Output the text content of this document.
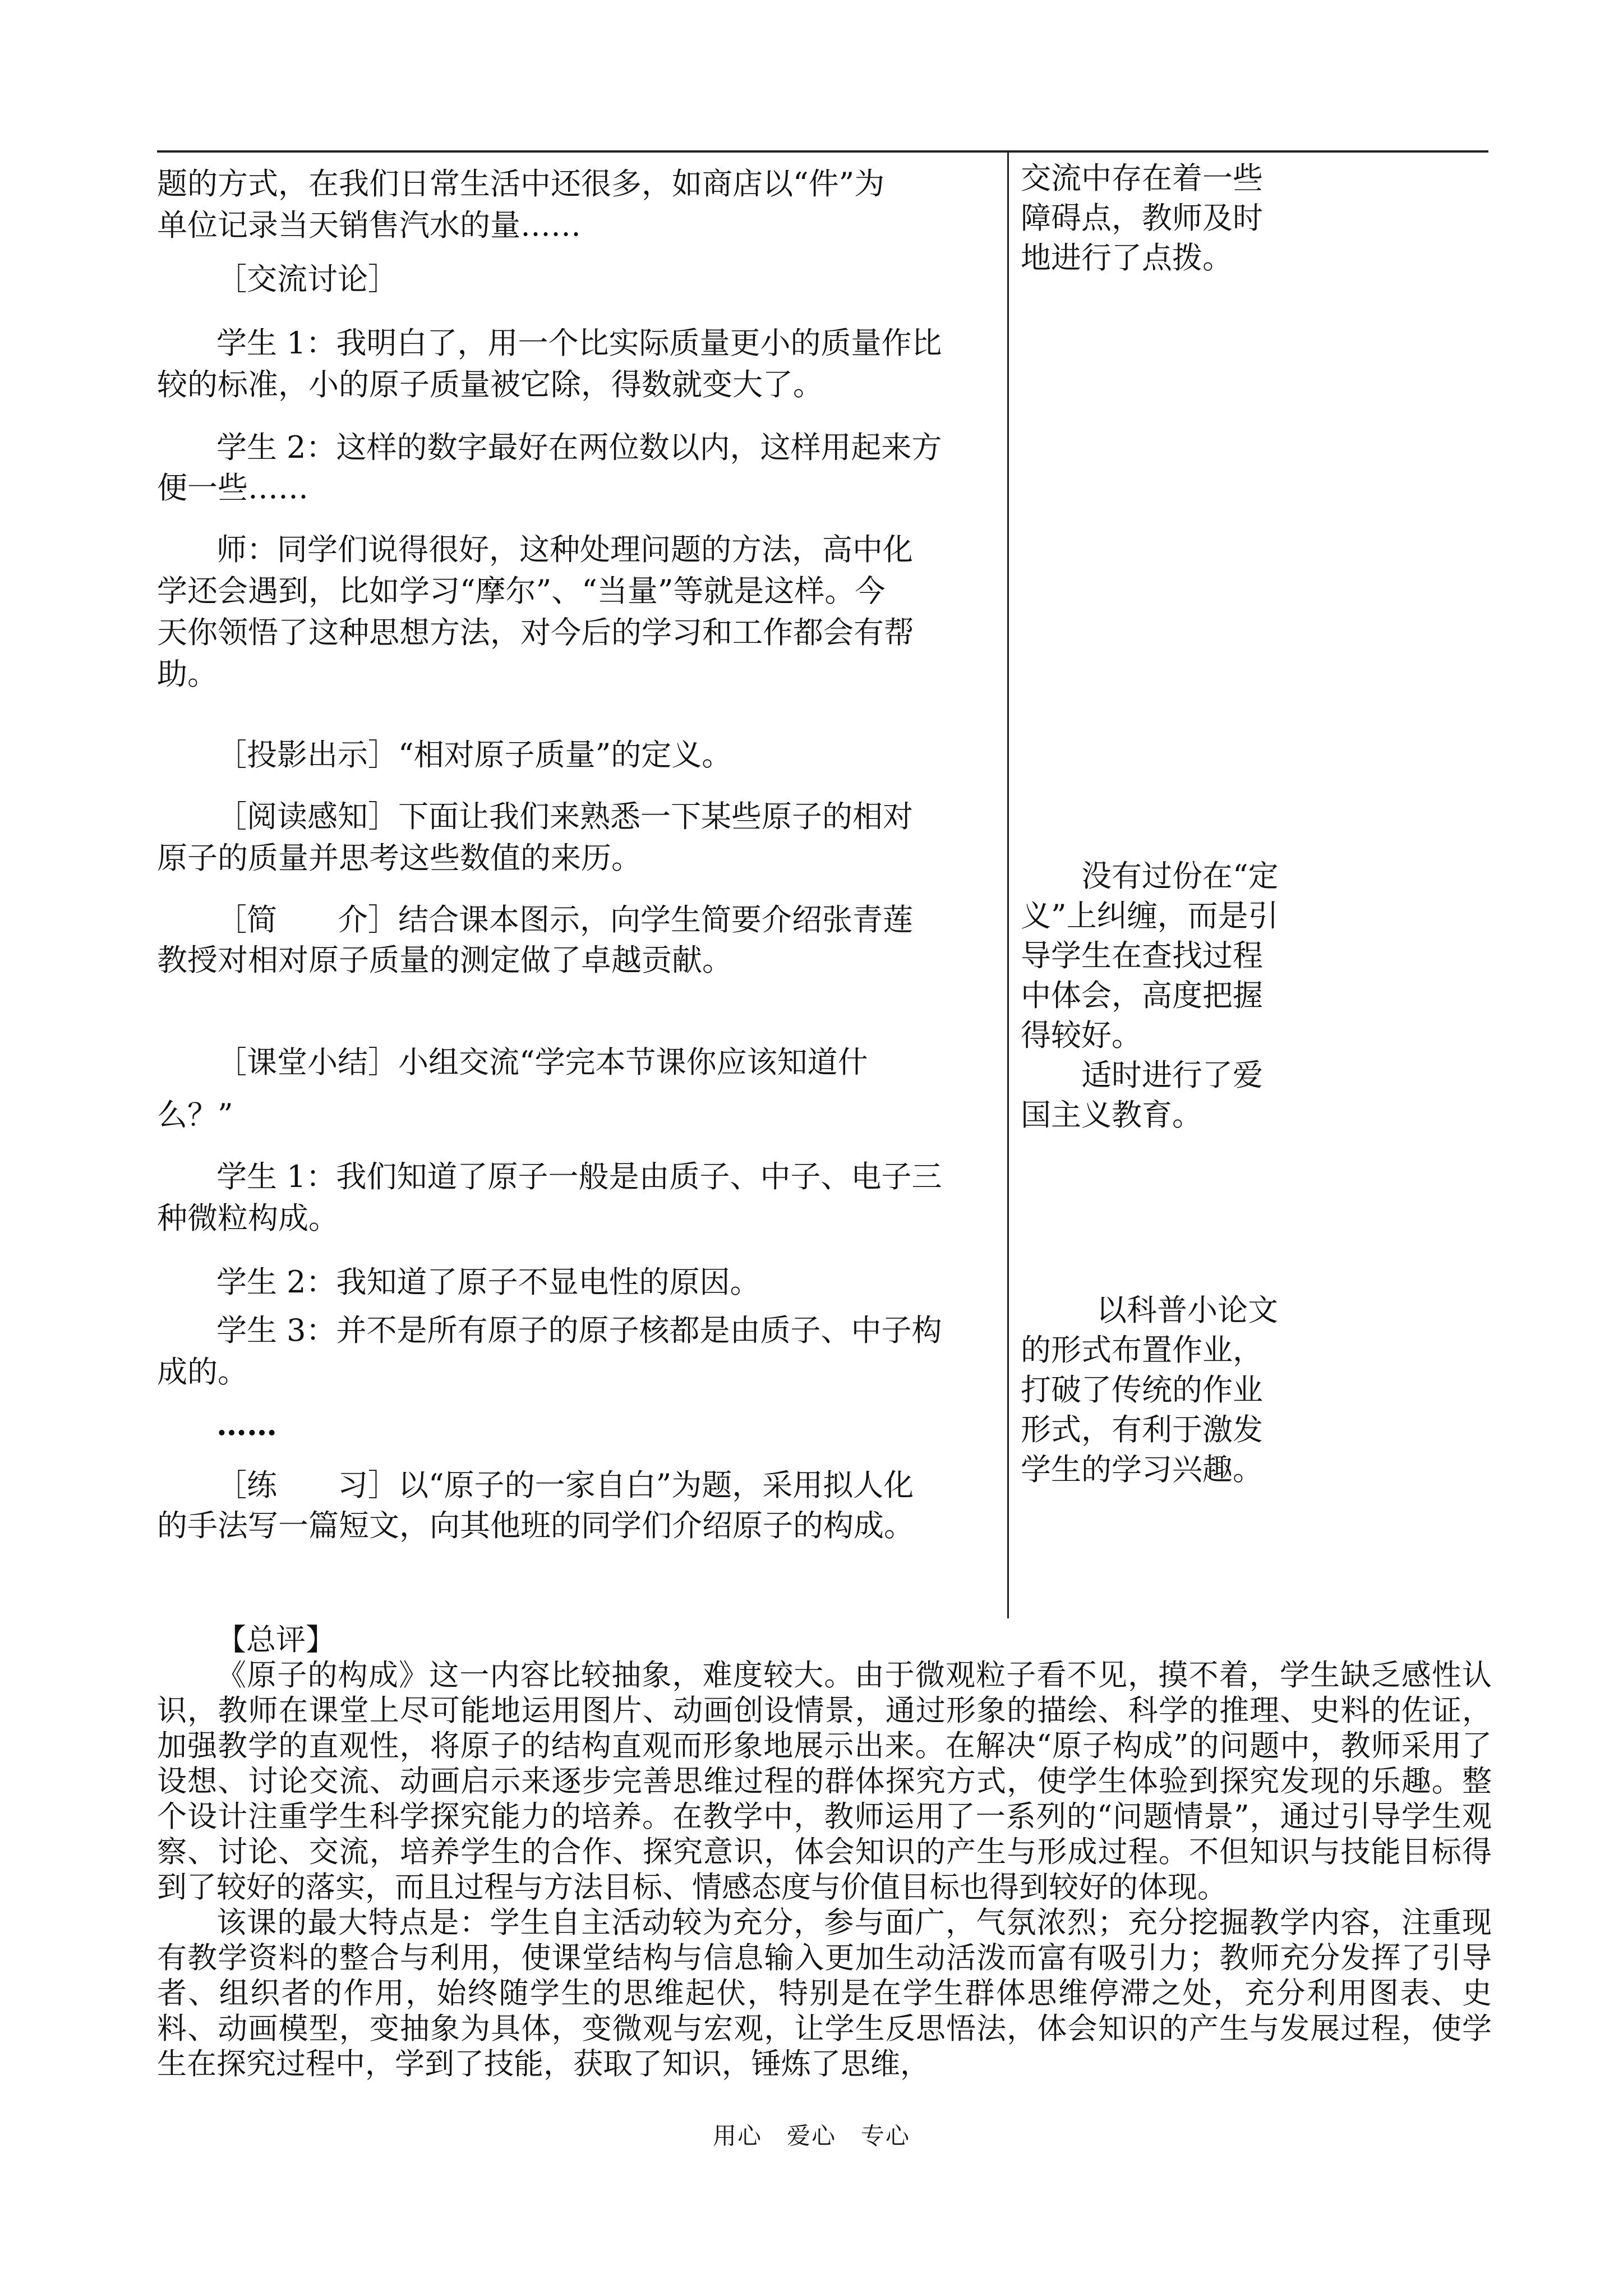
题的方式，在我们日常生活中还很多，如商店以“件”为

单位记录当天销售汽水的量……

［交流讨论］

学生 1：我明白了，用一个比实际质量更小的质量作比

较的标准，小的原子质量被它除，得数就变大了。

学生 2：这样的数字最好在两位数以内，这样用起来方

便一些……

师：同学们说得很好，这种处理问题的方法，高中化

学还会遇到，比如学习“摩尔”、“当量”等就是这样。今

天你领悟了这种思想方法，对今后的学习和工作都会有帮

助。

［投影出示］“相对原子质量”的定义。

［阅读感知］下面让我们来熟悉一下某些原子的相对

原子的质量并思考这些数值的来历。

［简　　介］结合课本图示，向学生简要介绍张青莲

教授对相对原子质量的测定做了卓越贡献。

［课堂小结］小组交流“学完本节课你应该知道什

么？”

学生 1：我们知道了原子一般是由质子、中子、电子三

种微粒构成。

学生 2：我知道了原子不显电性的原因。

学生 3：并不是所有原子的原子核都是由质子、中子构

成的。

……

［练　　习］以“原子的一家自白”为题，采用拟人化

的手法写一篇短文，向其他班的同学们介绍原子的构成。

交流中存在着一些障碍点，教师及时地进行了点拨。

没有过份在“定义”上纠缠，而是引导学生在查找过程中体会，高度把握得较好。

适时进行了爱国主义教育。

以科普小论文的形式布置作业，打破了传统的作业形式，有利于激发学生的学习兴趣。

【总评】

《原子的构成》这一内容比较抽象，难度较大。由于微观粒子看不见，摸不着，学生缺乏感性认识，教师在课堂上尽可能地运用图片、动画创设情景，通过形象的描绘、科学的推理、史料的佐证，加强教学的直观性，将原子的结构直观而形象地展示出来。在解决“原子构成”的问题中，教师采用了设想、讨论交流、动画启示来逐步完善思维过程的群体探究方式，使学生体验到探究发现的乐趣。整个设计注重学生科学探究能力的培养。在教学中，教师运用了一系列的“问题情景”，通过引导学生观察、讨论、交流，培养学生的合作、探究意识，体会知识的产生与形成过程。不但知识与技能目标得到了较好的落实，而且过程与方法目标、情感态度与价值目标也得到较好的体现。

该课的最大特点是：学生自主活动较为充分，参与面广，气氛浓烈；充分挖掘教学内容，注重现有教学资料的整合与利用，使课堂结构与信息输入更加生动活泼而富有吸引力；教师充分发挥了引导者、组织者的作用，始终随学生的思维起伏，特别是在学生群体思维停滞之处，充分利用图表、史料、动画模型，变抽象为具体，变微观与宏观，让学生反思悟法，体会知识的产生与发展过程，使学生在探究过程中，学到了技能，获取了知识，锤炼了思维，

用心　爱心　专心
